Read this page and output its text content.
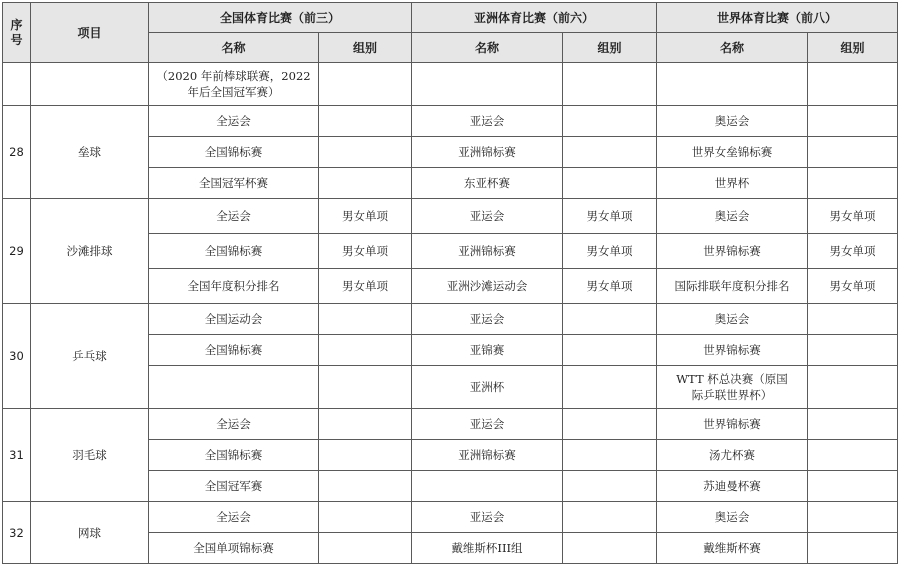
序号	项目	全国体育比赛（前三）		亚洲体育比赛（前六）		世界体育比赛（前八）	
		名称	组别	名称	组别	名称	组别
		（2020 年前棒球联赛，2022 年后全国冠军赛）					
28	垒球	全运会		亚运会		奥运会	
		全国锦标赛		亚洲锦标赛		世界女垒锦标赛	
		全国冠军杯赛		东亚杯赛		世界杯	
29	沙滩排球	全运会	男女单项	亚运会	男女单项	奥运会	男女单项
		全国锦标赛	男女单项	亚洲锦标赛	男女单项	世界锦标赛	男女单项
		全国年度积分排名	男女单项	亚洲沙滩运动会	男女单项	国际排联年度积分排名	男女单项
30	乒乓球	全国运动会		亚运会		奥运会	
		全国锦标赛		亚锦赛		世界锦标赛	
				亚洲杯		WTT 杯总决赛（原国际乒联世界杯）	
31	羽毛球	全运会		亚运会		世界锦标赛	
		全国锦标赛		亚洲锦标赛		汤尤杯赛	
		全国冠军赛				苏迪曼杯赛	
32	网球	全运会		亚运会		奥运会	
		全国单项锦标赛		戴维斯杯III组		戴维斯杯赛	
